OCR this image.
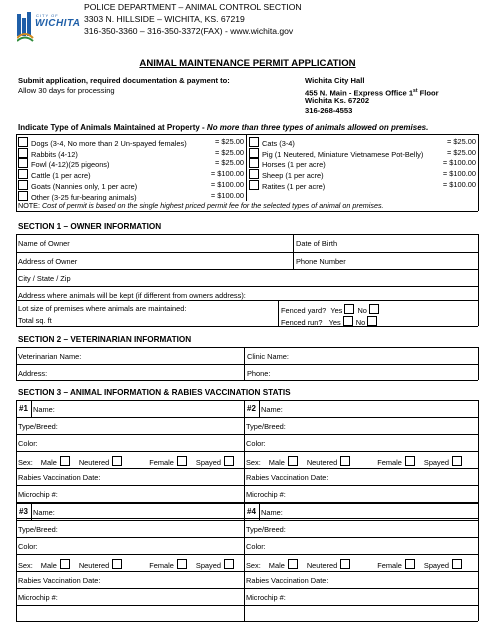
CITY OF
WICHITA
POLICE DEPARTMENT – ANIMAL CONTROL SECTION
3303 N. HILLSIDE – WICHITA, KS. 67219
316-350-3360 – 316-350-3372(FAX) - www.wichita.gov
ANIMAL MAINTENANCE PERMIT APPLICATION
Submit application, required documentation & payment to:
Allow 30 days for processing
Wichita City Hall
455 N. Main - Express Office 1st Floor
Wichita Ks. 67202
316-268-4553
Indicate Type of Animals Maintained at Property - No more than three types of animals allowed on premises.
Dogs (3-4, No more than 2 Un-spayed females)	= $25.00
Rabbits (4-12)	= $25.00
Fowl (4-12)(25 pigeons)	= $25.00
Cattle (1 per acre)	= $100.00
Goats (Nannies only, 1 per acre)	= $100.00
Other (3-25 fur-bearing animals)	= $100.00
Cats (3-4)	= $25.00
Pig (1 Neutered, Miniature Vietnamese Pot-Belly)	= $25.00
Horses (1 per acre)	= $100.00
Sheep (1 per acre)	= $100.00
Ratites (1 per acre)	= $100.00
NOTE: Cost of permit is based on the single highest priced permit fee for the selected types of animal on premises.
SECTION 1 – OWNER INFORMATION
Name of Owner	Date of Birth
Address of Owner	Phone Number
City / State / Zip
Address where animals will be kept (if different from owners address):
Lot size of premises where animals are maintained:
Total sq. ft
Fenced yard? Yes No
Fenced run? Yes No
SECTION 2 – VETERINARIAN INFORMATION
Veterinarian Name:	Clinic Name:
Address:	Phone:
SECTION 3 – ANIMAL INFORMATION & RABIES VACCINATION STATIS
#1 Name:
Type/Breed:
Color:
Sex: Male	Neutered	Female	Spayed
Rabies Vaccination Date:
Microchip #:
#2 Name:
Type/Breed:
Color:
Sex: Male	Neutered	Female	Spayed
Rabies Vaccination Date:
Microchip #:
#3 Name:
Type/Breed:
Color:
Sex: Male	Neutered	Female	Spayed
Rabies Vaccination Date:
Microchip #:
#4 Name:
Type/Breed:
Color:
Sex: Male	Neutered	Female	Spayed
Rabies Vaccination Date:
Microchip #:
